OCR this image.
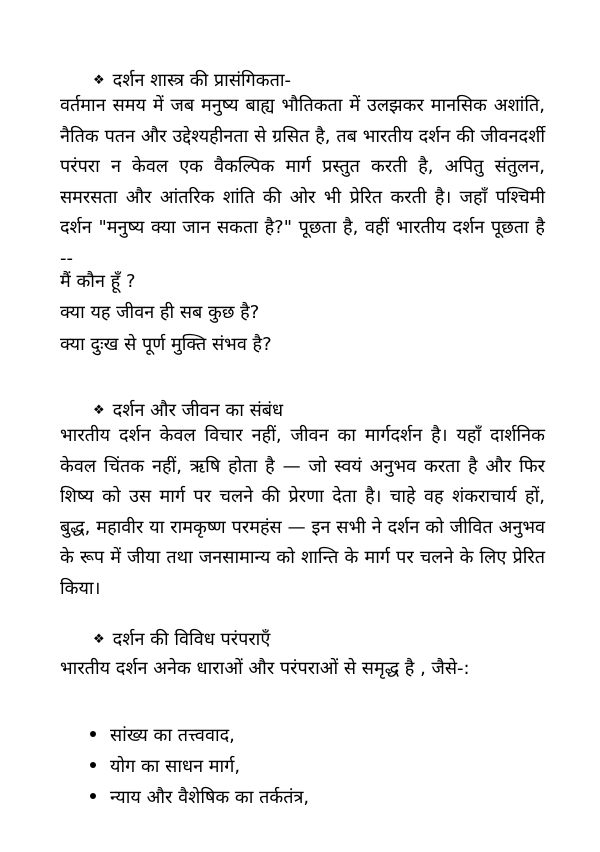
❖ दर्शन शास्त्र की प्रासंगिकता-
वर्तमान समय में जब मनुष्य बाह्य भौतिकता में उलझकर मानसिक अशांति, नैतिक पतन और उद्देश्यहीनता से ग्रसित है, तब भारतीय दर्शन की जीवनदर्शी परंपरा न केवल एक वैकल्पिक मार्ग प्रस्तुत करती है, अपितु संतुलन, समरसता और आंतरिक शांति की ओर भी प्रेरित करती है। जहाँ पश्चिमी दर्शन "मनुष्य क्या जान सकता है?" पूछता है, वहीं भारतीय दर्शन पूछता है --
मैं कौन हूँ ?
क्या यह जीवन ही सब कुछ है?
क्या दुःख से पूर्ण मुक्ति संभव है?
❖ दर्शन और जीवन का संबंध
भारतीय दर्शन केवल विचार नहीं, जीवन का मार्गदर्शन है। यहाँ दार्शनिक केवल चिंतक नहीं, ऋषि होता है — जो स्वयं अनुभव करता है और फिर शिष्य को उस मार्ग पर चलने की प्रेरणा देता है। चाहे वह शंकराचार्य हों, बुद्ध, महावीर या रामकृष्ण परमहंस — इन सभी ने दर्शन को जीवित अनुभव के रूप में जीया तथा जनसामान्य को शान्ति के मार्ग पर चलने के लिए प्रेरित किया।
❖ दर्शन की विविध परंपराएँ
भारतीय दर्शन अनेक धाराओं और परंपराओं से समृद्ध है , जैसे-:
सांख्य का तत्त्ववाद,
योग का साधन मार्ग,
न्याय और वैशेषिक का तर्कतंत्र,
